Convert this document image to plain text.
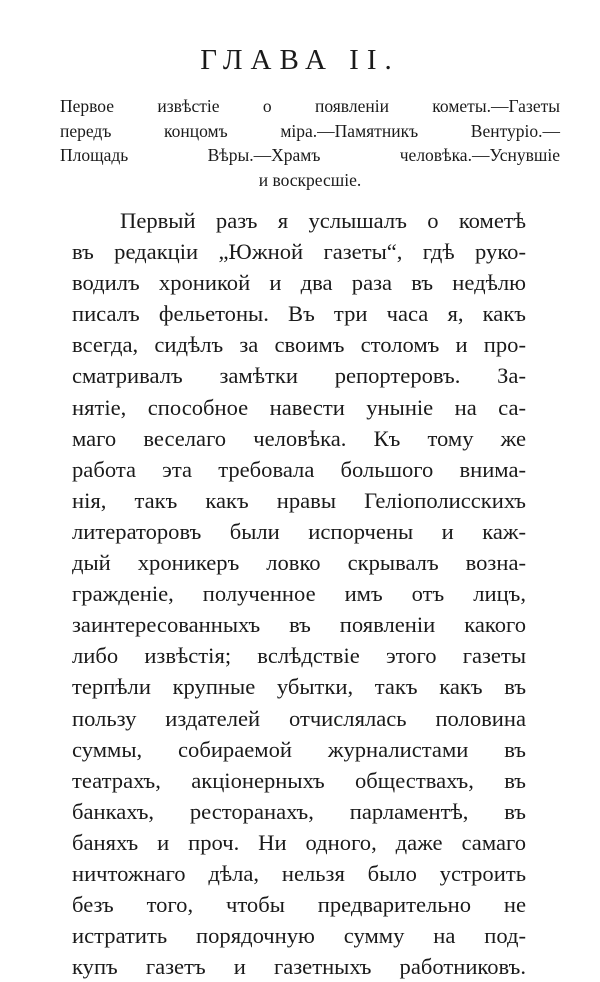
ГЛАВА II.
Первое извѣстіе о появленіи кометы.—Газеты
передъ концомъ міра.—Памятникъ Вентуріо.—
Площадь Вѣры.—Храмъ человѣка.—Уснувшіе
и воскресшіе.
Первый разъ я услышалъ о кометѣ
въ редакціи „Южной газеты“, гдѣ руко-
водилъ хроникой и два раза въ недѣлю
писалъ фельетоны. Въ три часа я, какъ
всегда, сидѣлъ за своимъ столомъ и про-
сматривалъ замѣтки репортеровъ. За-
нятіе, способное навести уныніе на са-
маго веселаго человѣка. Къ тому же
работа эта требовала большого внима-
нія, такъ какъ нравы Геліополисскихъ
литераторовъ были испорчены и каж-
дый хроникеръ ловко скрывалъ возна-
гражденіе, полученное имъ отъ лицъ,
заинтересованныхъ въ появленіи какого
либо извѣстія; вслѣдствіе этого газеты
терпѣли крупные убытки, такъ какъ въ
пользу издателей отчислялась половина
суммы, собираемой журналистами въ
театрахъ, акціонерныхъ обществахъ, въ
банкахъ, ресторанахъ, парламентѣ, въ
баняхъ и проч. Ни одного, даже самаго
ничтожнаго дѣла, нельзя было устроить
безъ того, чтобы предварительно не
истратить порядочную сумму на под-
купъ газетъ и газетныхъ работниковъ.
